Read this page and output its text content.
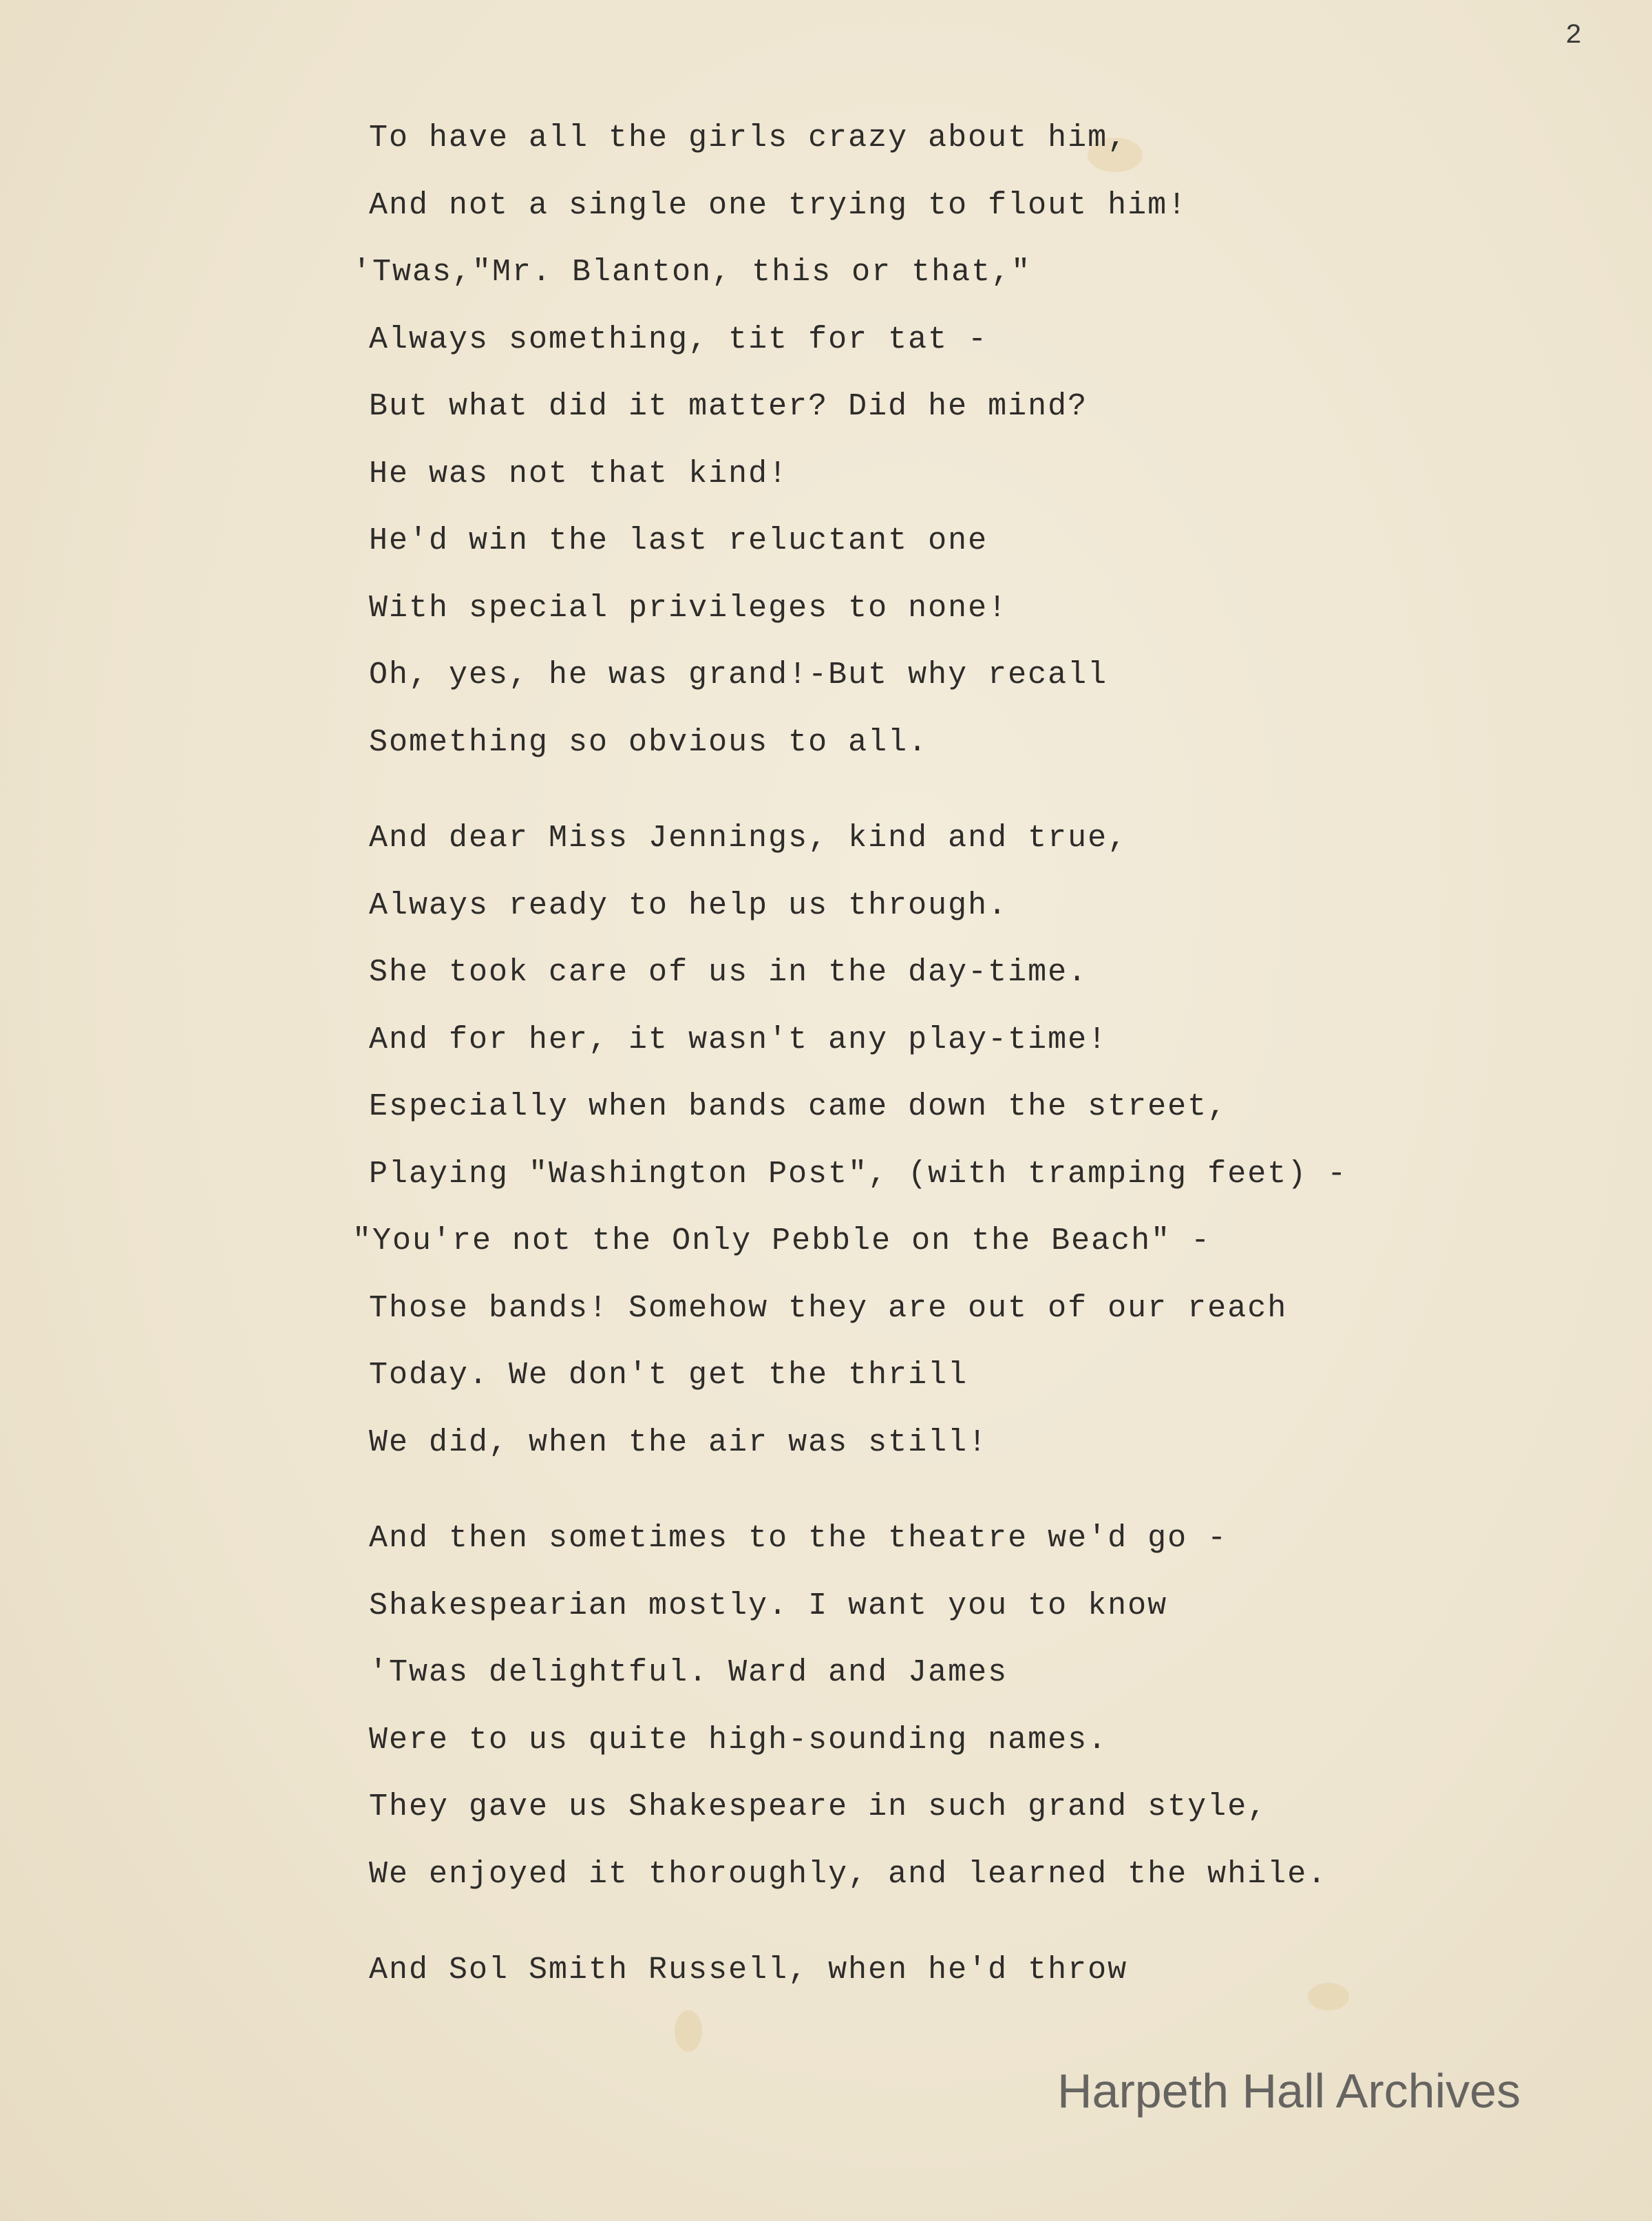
2
To have all the girls crazy about him,
And not a single one trying to flout him!
'Twas,"Mr. Blanton, this or that,"
Always something, tit for tat -
But what did it matter? Did he mind?
He was not that kind!
He'd win the last reluctant one
With special privileges to none!
Oh, yes, he was grand!-But why recall
Something so obvious to all.
And dear Miss Jennings, kind and true,
Always ready to help us through.
She took care of us in the day-time.
And for her, it wasn't any play-time!
Especially when bands came down the street,
Playing "Washington Post", (with tramping feet) -
"You're not the Only Pebble on the Beach" -
Those bands! Somehow they are out of our reach
Today. We don't get the thrill
We did, when the air was still!
And then sometimes to the theatre we'd go -
Shakespearian mostly. I want you to know
'Twas delightful. Ward and James
Were to us quite high-sounding names.
They gave us Shakespeare in such grand style,
We enjoyed it thoroughly, and learned the while.
And Sol Smith Russell, when he'd throw
Harpeth Hall Archives
